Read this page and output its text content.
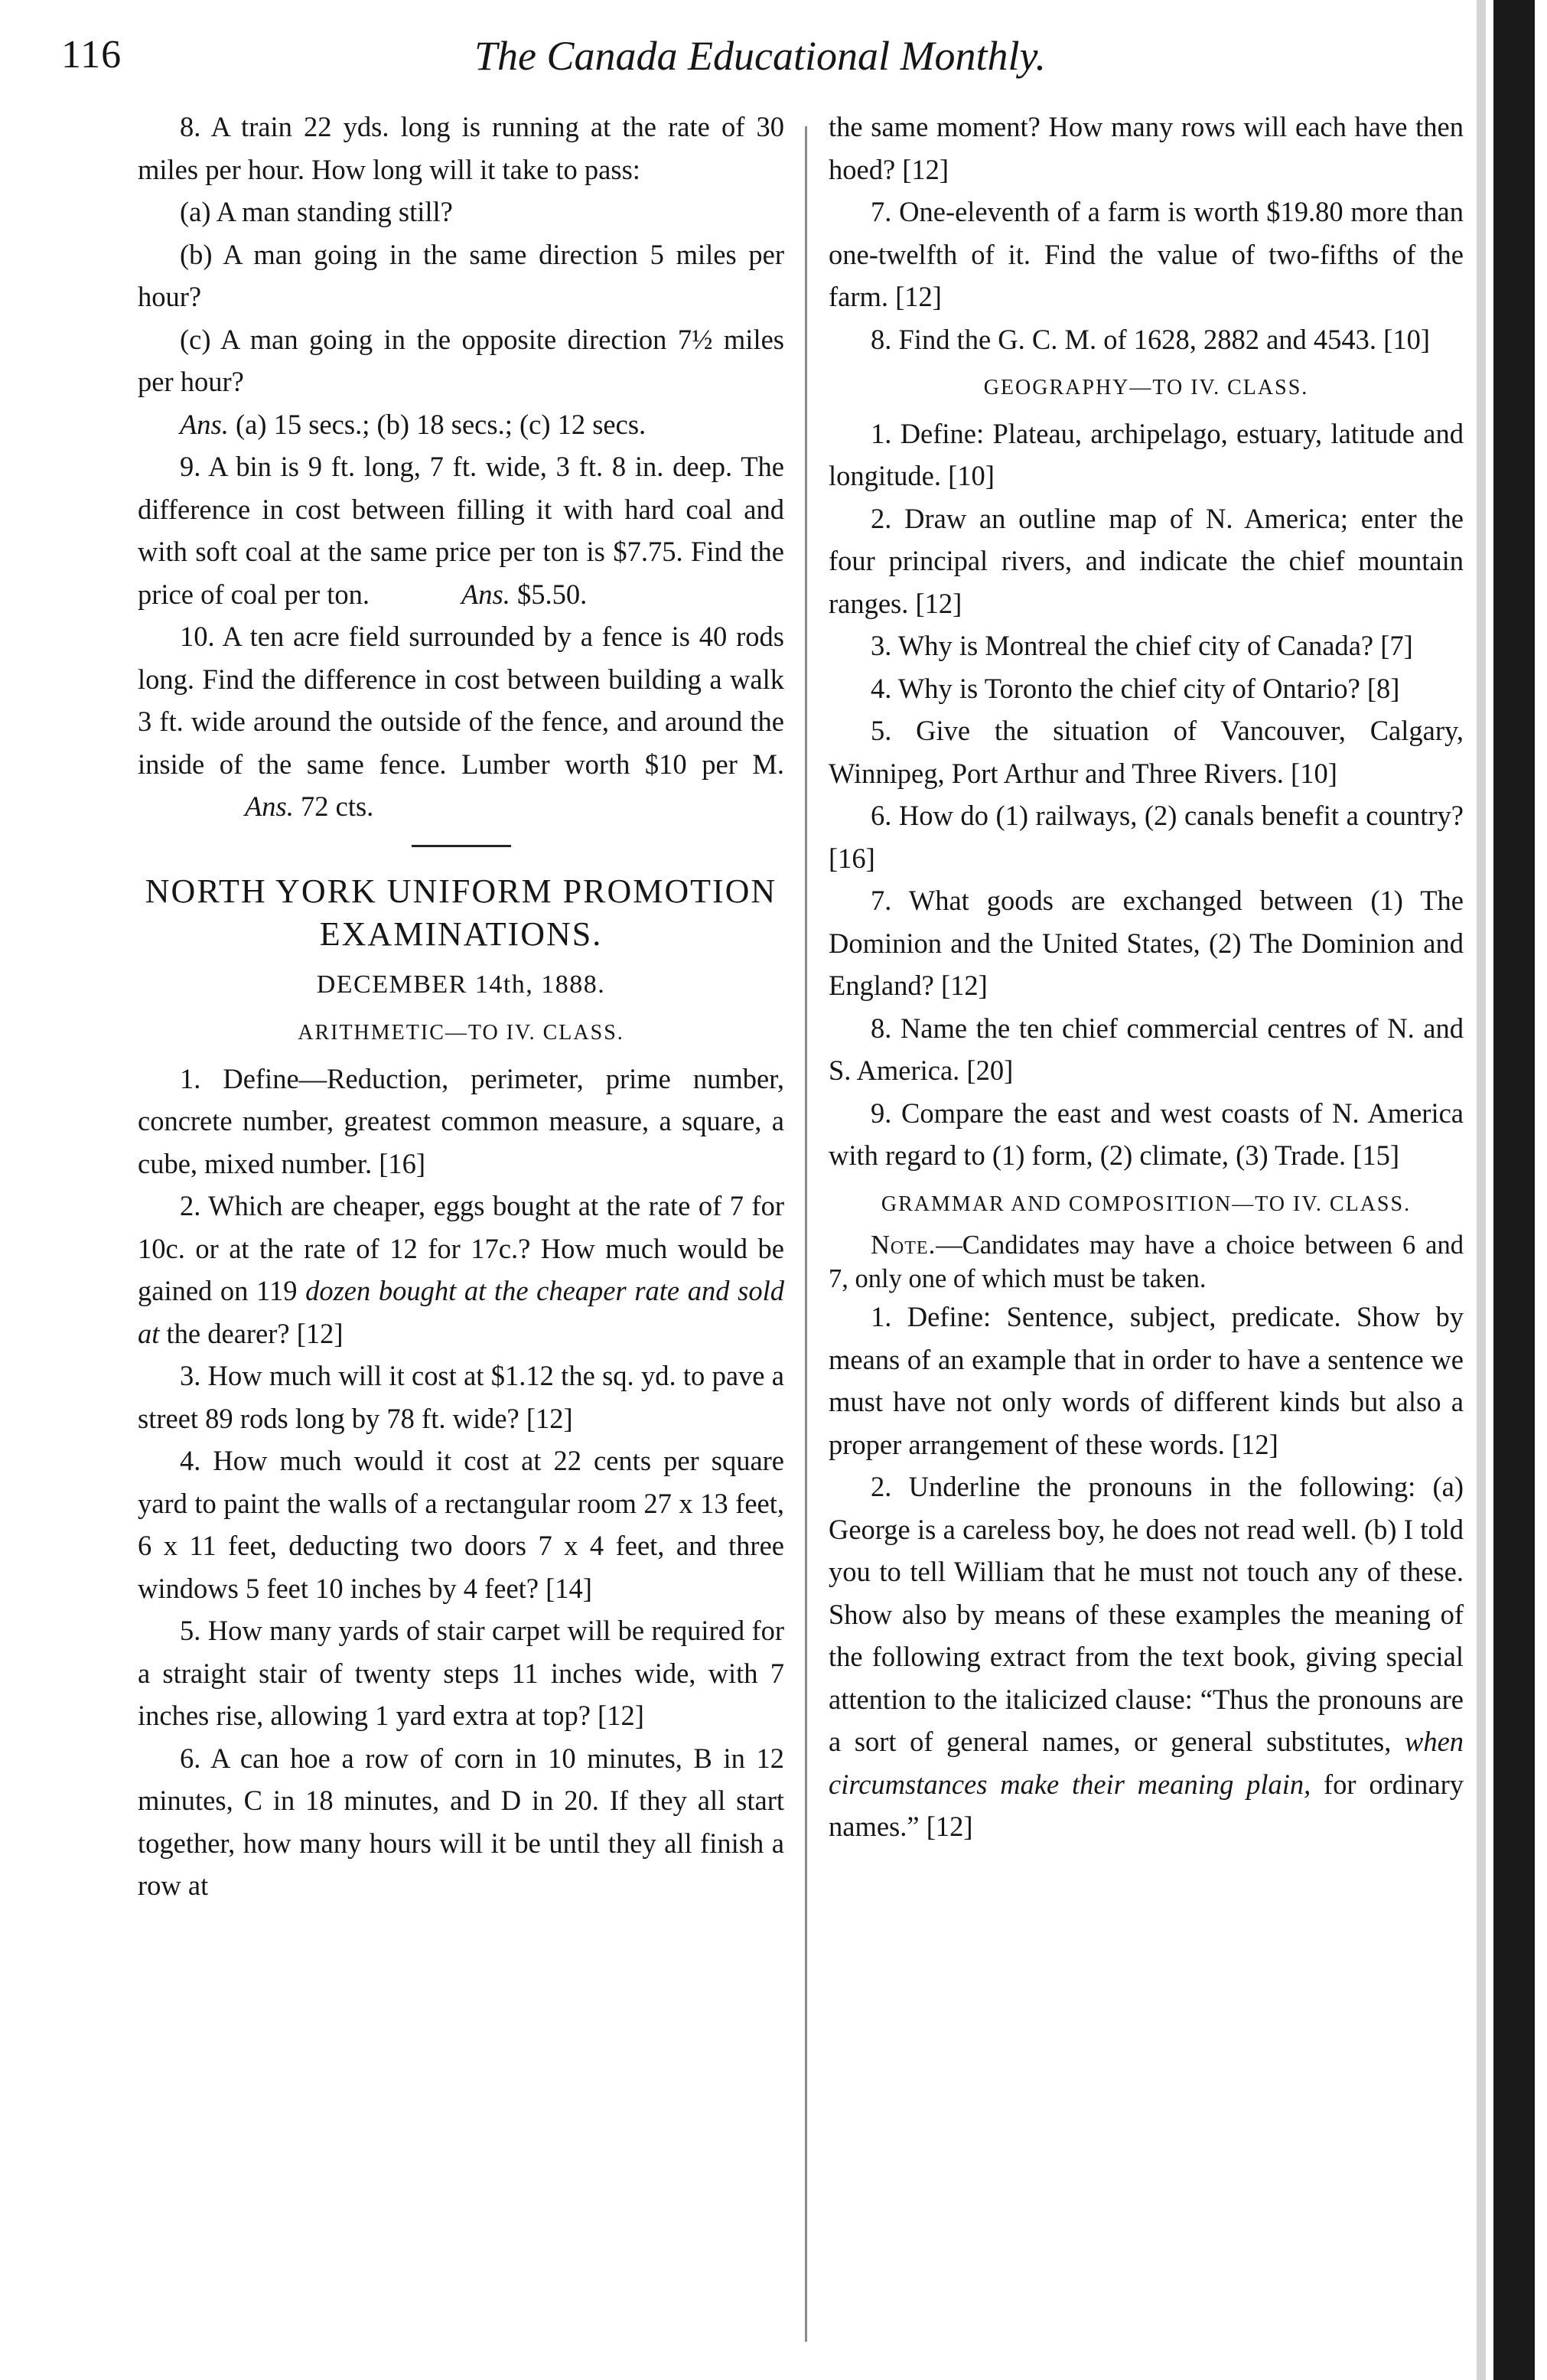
116	The Canada Educational Monthly.

8. A train 22 yds. long is running at the rate of 30 miles per hour. How long will it take to pass:

(a) A man standing still?

(b) A man going in the same direction 5 miles per hour?

(c) A man going in the opposite direction 7½ miles per hour?

Ans. (a) 15 secs.; (b) 18 secs.; (c) 12 secs.

9. A bin is 9 ft. long, 7 ft. wide, 3 ft. 8 in. deep. The difference in cost between filling it with hard coal and with soft coal at the same price per ton is $7.75. Find the price of coal per ton.	Ans. $5.50.

10. A ten acre field surrounded by a fence is 40 rods long. Find the difference in cost between building a walk 3 ft. wide around the outside of the fence, and around the inside of the same fence. Lumber worth $10 per M.Ans. 72 cts.

NORTH YORK UNIFORM PROMOTION EXAMINATIONS.

DECEMBER 14th, 1888.

ARITHMETIC—TO IV. CLASS.

1. Define—Reduction, perimeter, prime number, concrete number, greatest common measure, a square, a cube, mixed number. [16]

2. Which are cheaper, eggs bought at the rate of 7 for 10c. or at the rate of 12 for 17c.? How much would be gained on 119 dozen bought at the cheaper rate and sold at the dearer? [12]

3. How much will it cost at $1.12 the sq. yd. to pave a street 89 rods long by 78 ft. wide? [12]

4. How much would it cost at 22 cents per square yard to paint the walls of a rectangular room 27 x 13 feet, 6 x 11 feet, deducting two doors 7 x 4 feet, and three windows 5 feet 10 inches by 4 feet? [14]

5. How many yards of stair carpet will be required for a straight stair of twenty steps 11 inches wide, with 7 inches rise, allowing 1 yard extra at top? [12]

6. A can hoe a row of corn in 10 minutes, B in 12 minutes, C in 18 minutes, and D in 20. If they all start together, how many hours will it be until they all finish a row at

the same moment? How many rows will each have then hoed? [12]

7. One-eleventh of a farm is worth $19.80 more than one-twelfth of it. Find the value of two-fifths of the farm. [12]

8. Find the G. C. M. of 1628, 2882 and 4543. [10]

GEOGRAPHY—TO IV. CLASS.

1. Define: Plateau, archipelago, estuary, latitude and longitude. [10]

2. Draw an outline map of N. America; enter the four principal rivers, and indicate the chief mountain ranges. [12]

3. Why is Montreal the chief city of Canada? [7]

4. Why is Toronto the chief city of Ontario? [8]

5. Give the situation of Vancouver, Calgary, Winnipeg, Port Arthur and Three Rivers. [10]

6. How do (1) railways, (2) canals benefit a country? [16]

7. What goods are exchanged between (1) The Dominion and the United States, (2) The Dominion and England? [12]

8. Name the ten chief commercial centres of N. and S. America. [20]

9. Compare the east and west coasts of N. America with regard to (1) form, (2) climate, (3) Trade. [15]

GRAMMAR AND COMPOSITION—TO IV. CLASS.

Note.—Candidates may have a choice between 6 and 7, only one of which must be taken.

1. Define: Sentence, subject, predicate. Show by means of an example that in order to have a sentence we must have not only words of different kinds but also a proper arrangement of these words. [12]

2. Underline the pronouns in the following: (a) George is a careless boy, he does not read well. (b) I told you to tell William that he must not touch any of these. Show also by means of these examples the meaning of the following extract from the text book, giving special attention to the italicized clause: “Thus the pronouns are a sort of general names, or general substitutes, when circumstances make their meaning plain, for ordinary names.” [12]
